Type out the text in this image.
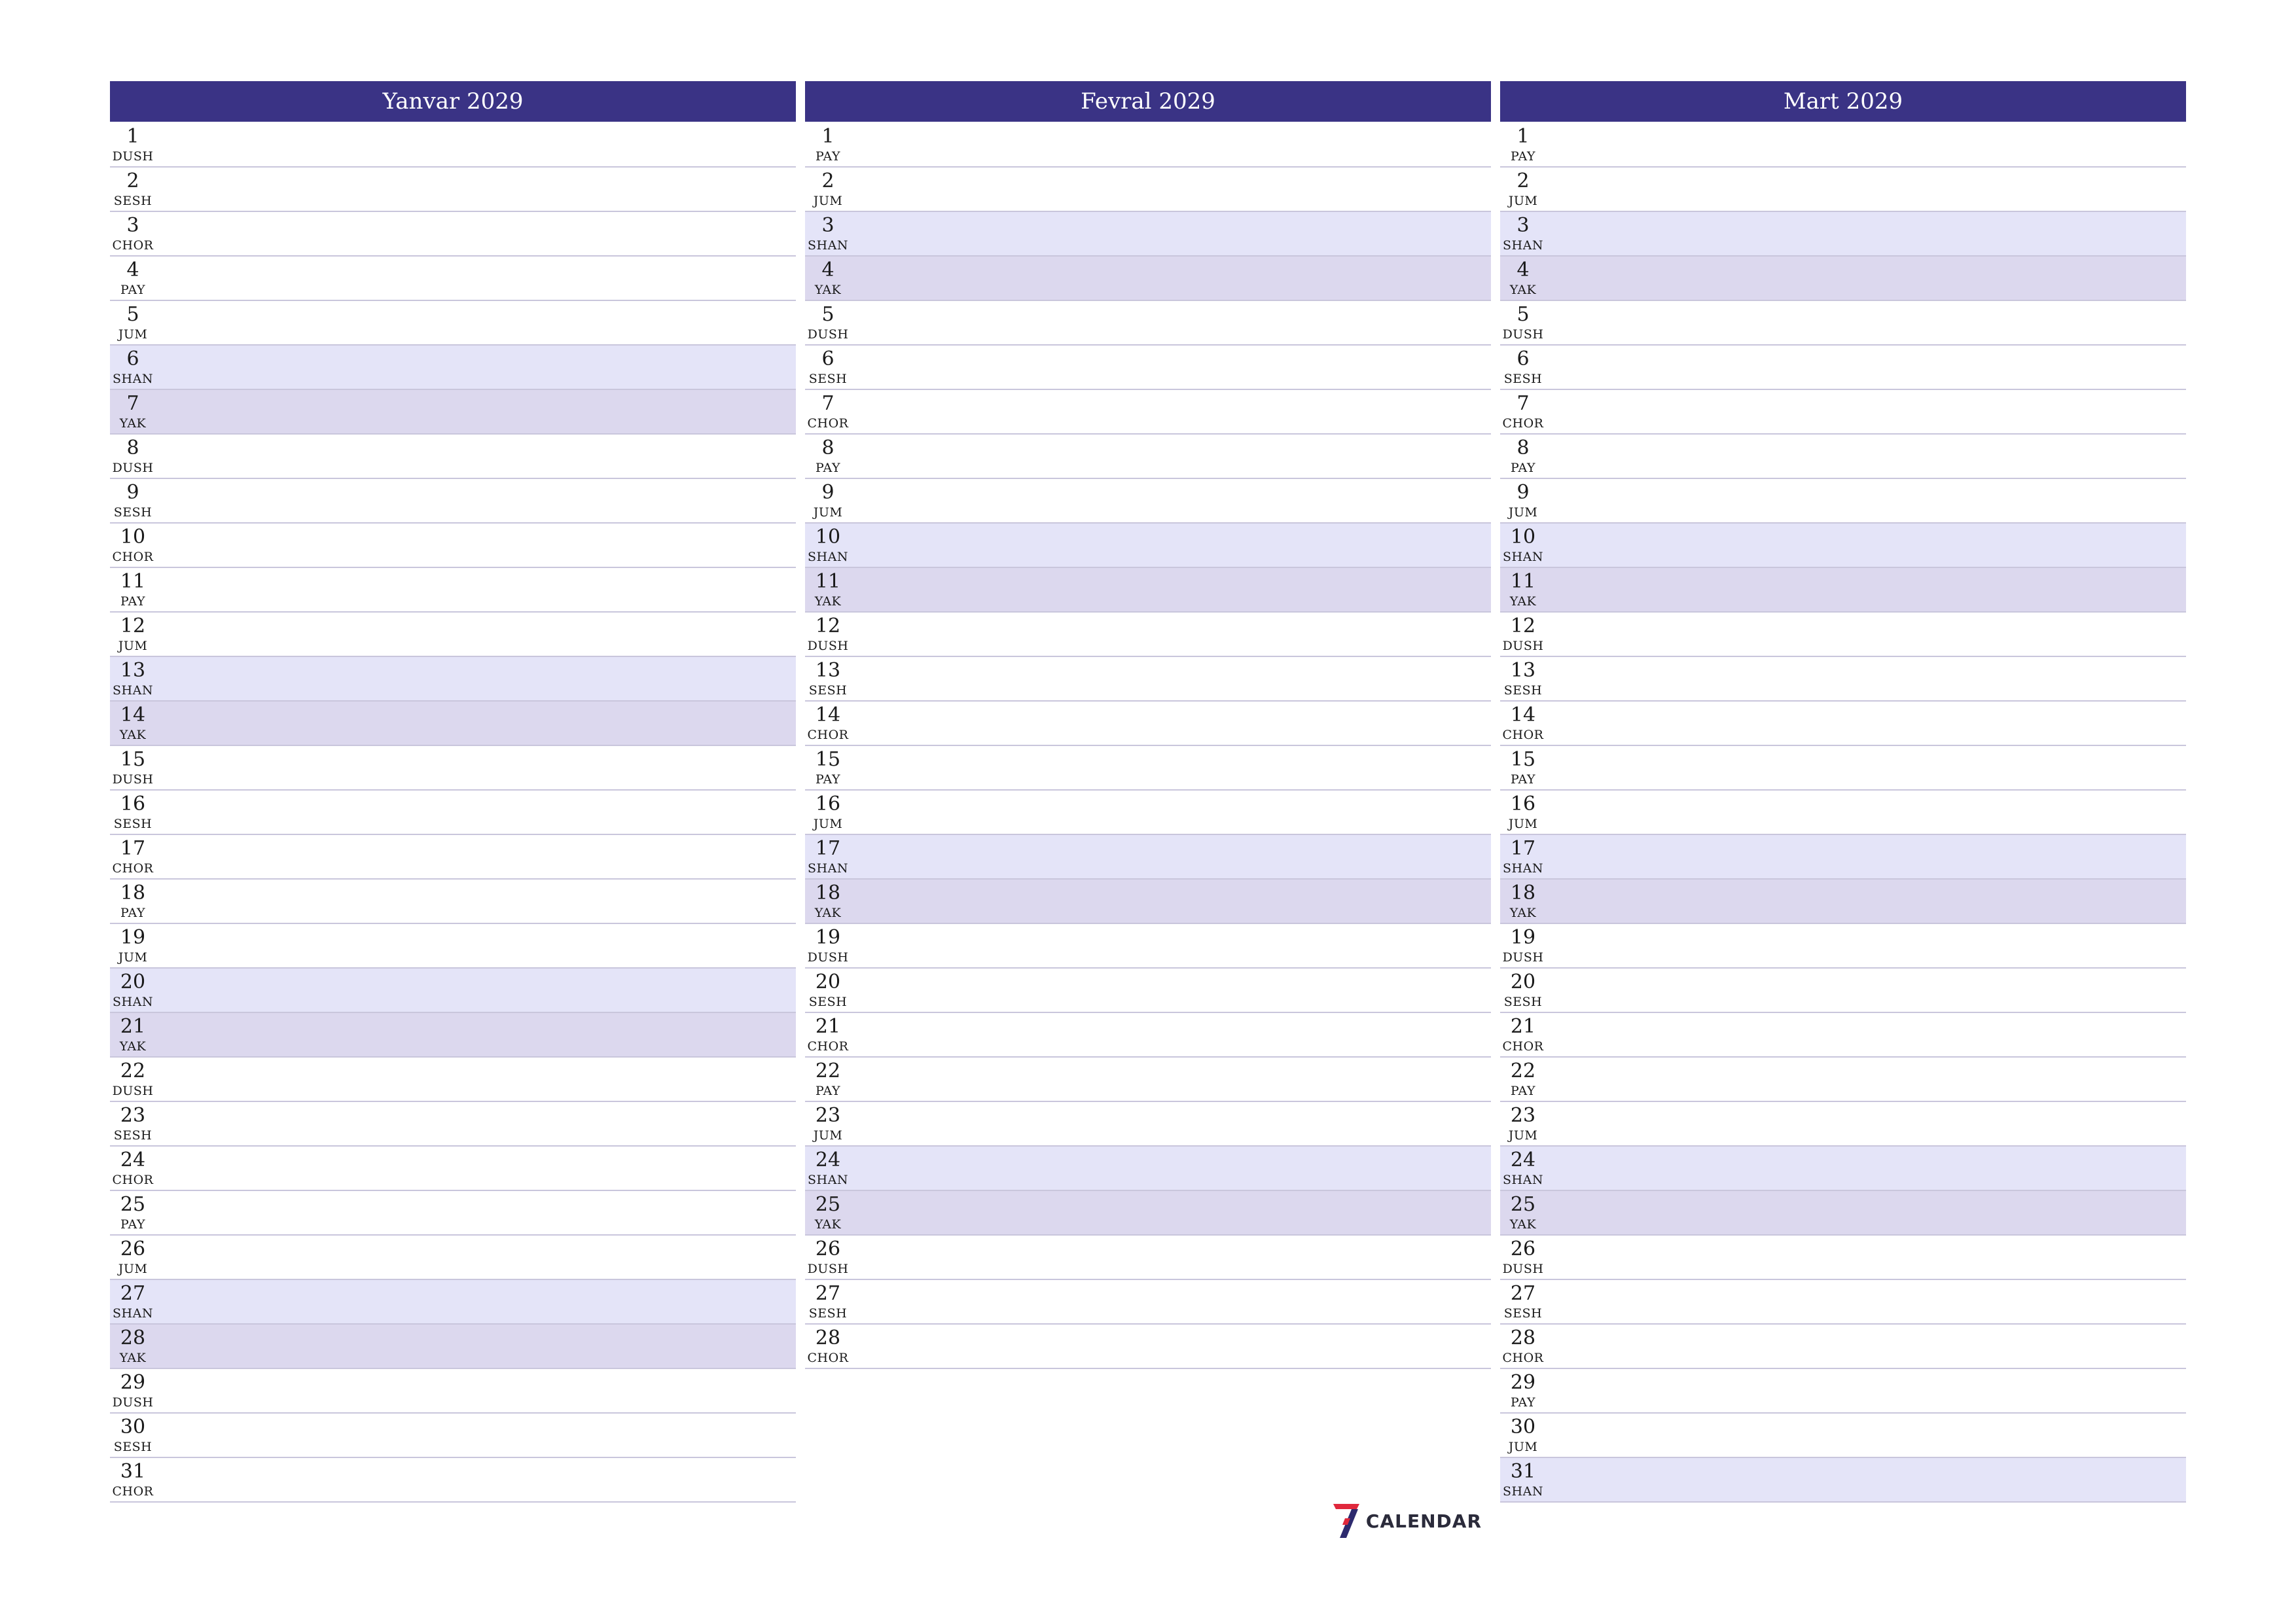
Yanvar 2029
1
DUSH
2
SESH
3
CHOR
4
PAY
5
JUM
6
SHAN
7
YAK
8
DUSH
9
SESH
10
CHOR
11
PAY
12
JUM
13
SHAN
14
YAK
15
DUSH
16
SESH
17
CHOR
18
PAY
19
JUM
20
SHAN
21
YAK
22
DUSH
23
SESH
24
CHOR
25
PAY
26
JUM
27
SHAN
28
YAK
29
DUSH
30
SESH
31
CHOR
Fevral 2029
1
PAY
2
JUM
3
SHAN
4
YAK
5
DUSH
6
SESH
7
CHOR
8
PAY
9
JUM
10
SHAN
11
YAK
12
DUSH
13
SESH
14
CHOR
15
PAY
16
JUM
17
SHAN
18
YAK
19
DUSH
20
SESH
21
CHOR
22
PAY
23
JUM
24
SHAN
25
YAK
26
DUSH
27
SESH
28
CHOR
CALENDAR
Mart 2029
1
PAY
2
JUM
3
SHAN
4
YAK
5
DUSH
6
SESH
7
CHOR
8
PAY
9
JUM
10
SHAN
11
YAK
12
DUSH
13
SESH
14
CHOR
15
PAY
16
JUM
17
SHAN
18
YAK
19
DUSH
20
SESH
21
CHOR
22
PAY
23
JUM
24
SHAN
25
YAK
26
DUSH
27
SESH
28
CHOR
29
PAY
30
JUM
31
SHAN
